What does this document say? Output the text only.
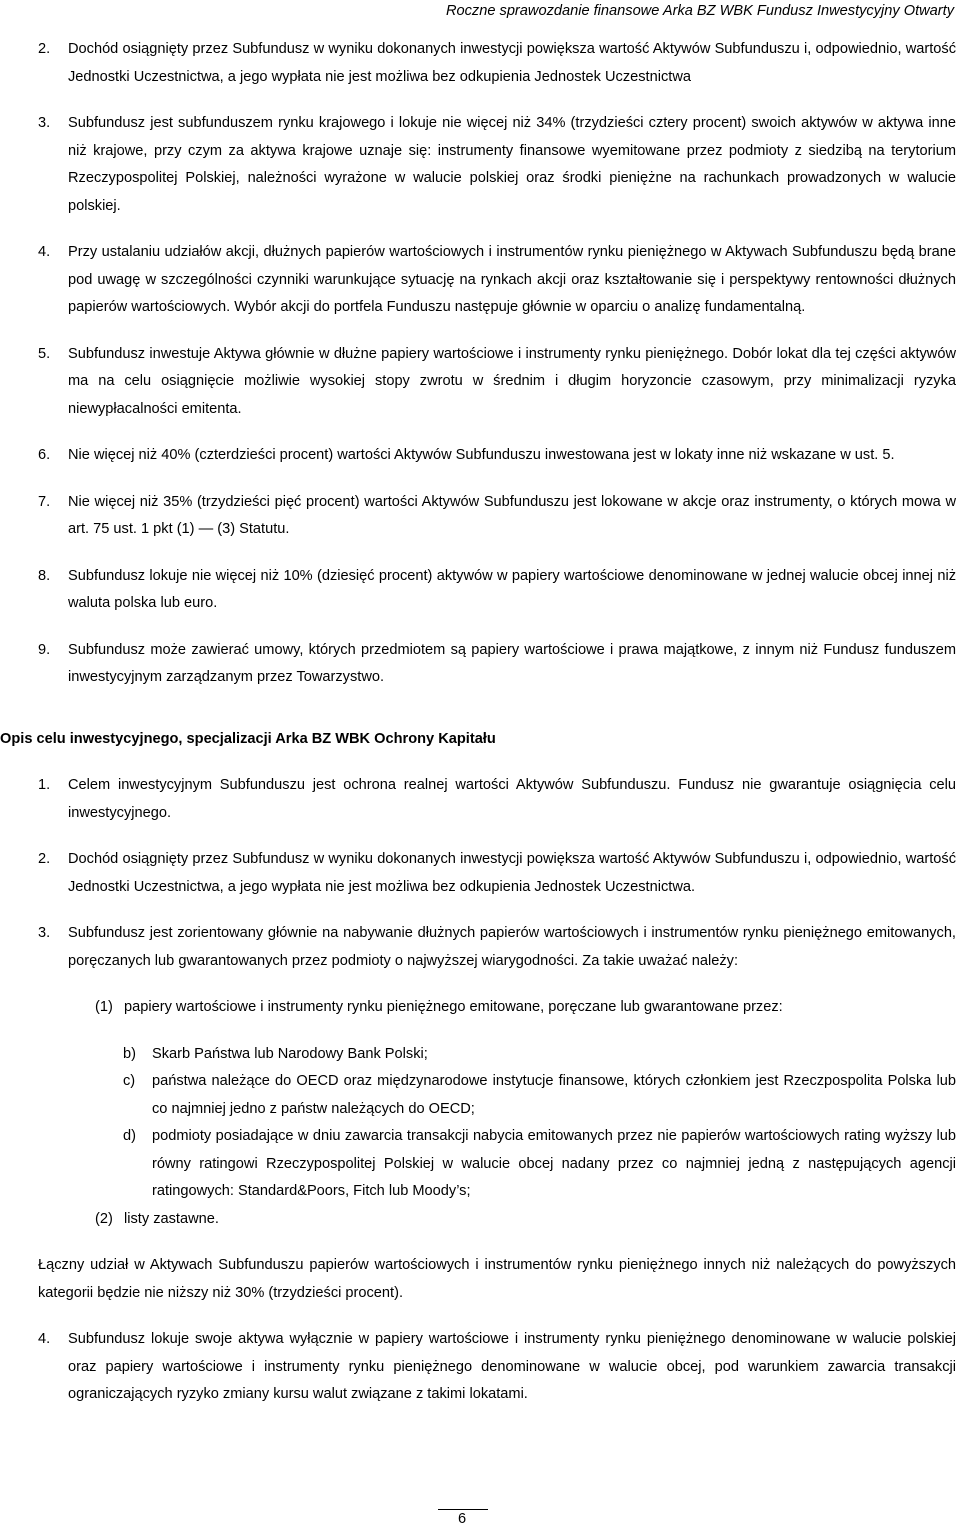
Roczne sprawozdanie finansowe Arka BZ WBK Fundusz Inwestycyjny Otwarty
2. Dochód osiągnięty przez Subfundusz w wyniku dokonanych inwestycji powiększa wartość Aktywów Subfunduszu i, odpowiednio, wartość Jednostki Uczestnictwa, a jego wypłata nie jest możliwa bez odkupienia Jednostek Uczestnictwa
3. Subfundusz jest subfunduszem rynku krajowego i lokuje nie więcej niż 34% (trzydzieści cztery procent) swoich aktywów w aktywa inne niż krajowe, przy czym za aktywa krajowe uznaje się: instrumenty finansowe wyemitowane przez podmioty z siedzibą na terytorium Rzeczypospolitej Polskiej, należności wyrażone w walucie polskiej oraz środki pieniężne na rachunkach prowadzonych w walucie polskiej.
4. Przy ustalaniu udziałów akcji, dłużnych papierów wartościowych i instrumentów rynku pieniężnego w Aktywach Subfunduszu będą brane pod uwagę w szczególności czynniki warunkujące sytuację na rynkach akcji oraz kształtowanie się i perspektywy rentowności dłużnych papierów wartościowych. Wybór akcji do portfela Funduszu następuje głównie w oparciu o analizę fundamentalną.
5. Subfundusz inwestuje Aktywa głównie w dłużne papiery wartościowe i instrumenty rynku pieniężnego. Dobór lokat dla tej części aktywów ma na celu osiągnięcie możliwie wysokiej stopy zwrotu w średnim i długim horyzoncie czasowym, przy minimalizacji ryzyka niewypłacalności emitenta.
6. Nie więcej niż 40% (czterdzieści procent) wartości Aktywów Subfunduszu inwestowana jest w lokaty inne niż wskazane w ust. 5.
7. Nie więcej niż 35% (trzydzieści pięć procent) wartości Aktywów Subfunduszu jest lokowane w akcje oraz instrumenty, o których mowa w art. 75 ust. 1 pkt (1) — (3) Statutu.
8. Subfundusz lokuje nie więcej niż 10% (dziesięć procent) aktywów w papiery wartościowe denominowane w jednej walucie obcej innej niż waluta polska lub euro.
9. Subfundusz może zawierać umowy, których przedmiotem są papiery wartościowe i prawa majątkowe, z innym niż Fundusz funduszem inwestycyjnym zarządzanym przez Towarzystwo.
Opis celu inwestycyjnego, specjalizacji Arka BZ WBK Ochrony Kapitału
1. Celem inwestycyjnym Subfunduszu jest ochrona realnej wartości Aktywów Subfunduszu. Fundusz nie gwarantuje osiągnięcia celu inwestycyjnego.
2. Dochód osiągnięty przez Subfundusz w wyniku dokonanych inwestycji powiększa wartość Aktywów Subfunduszu i, odpowiednio, wartość Jednostki Uczestnictwa, a jego wypłata nie jest możliwa bez odkupienia Jednostek Uczestnictwa.
3. Subfundusz jest zorientowany głównie na nabywanie dłużnych papierów wartościowych i instrumentów rynku pieniężnego emitowanych, poręczanych lub gwarantowanych przez podmioty o najwyższej wiarygodności. Za takie uważać należy:
(1) papiery wartościowe i instrumenty rynku pieniężnego emitowane, poręczane lub gwarantowane przez:
b) Skarb Państwa lub Narodowy Bank Polski;
c) państwa należące do OECD oraz międzynarodowe instytucje finansowe, których członkiem jest Rzeczpospolita Polska lub co najmniej jedno z państw należących do OECD;
d) podmioty posiadające w dniu zawarcia transakcji nabycia emitowanych przez nie papierów wartościowych rating wyższy lub równy ratingowi Rzeczypospolitej Polskiej w walucie obcej nadany przez co najmniej jedną z następujących agencji ratingowych: Standard&Poors, Fitch lub Moody’s;
(2) listy zastawne.
Łączny udział w Aktywach Subfunduszu papierów wartościowych i instrumentów rynku pieniężnego innych niż należących do powyższych kategorii będzie nie niższy niż 30% (trzydzieści procent).
4. Subfundusz lokuje swoje aktywa wyłącznie w papiery wartościowe i instrumenty rynku pieniężnego denominowane w walucie polskiej oraz papiery wartościowe i instrumenty rynku pieniężnego denominowane w walucie obcej, pod warunkiem zawarcia transakcji ograniczających ryzyko zmiany kursu walut związane z takimi lokatami.
6
